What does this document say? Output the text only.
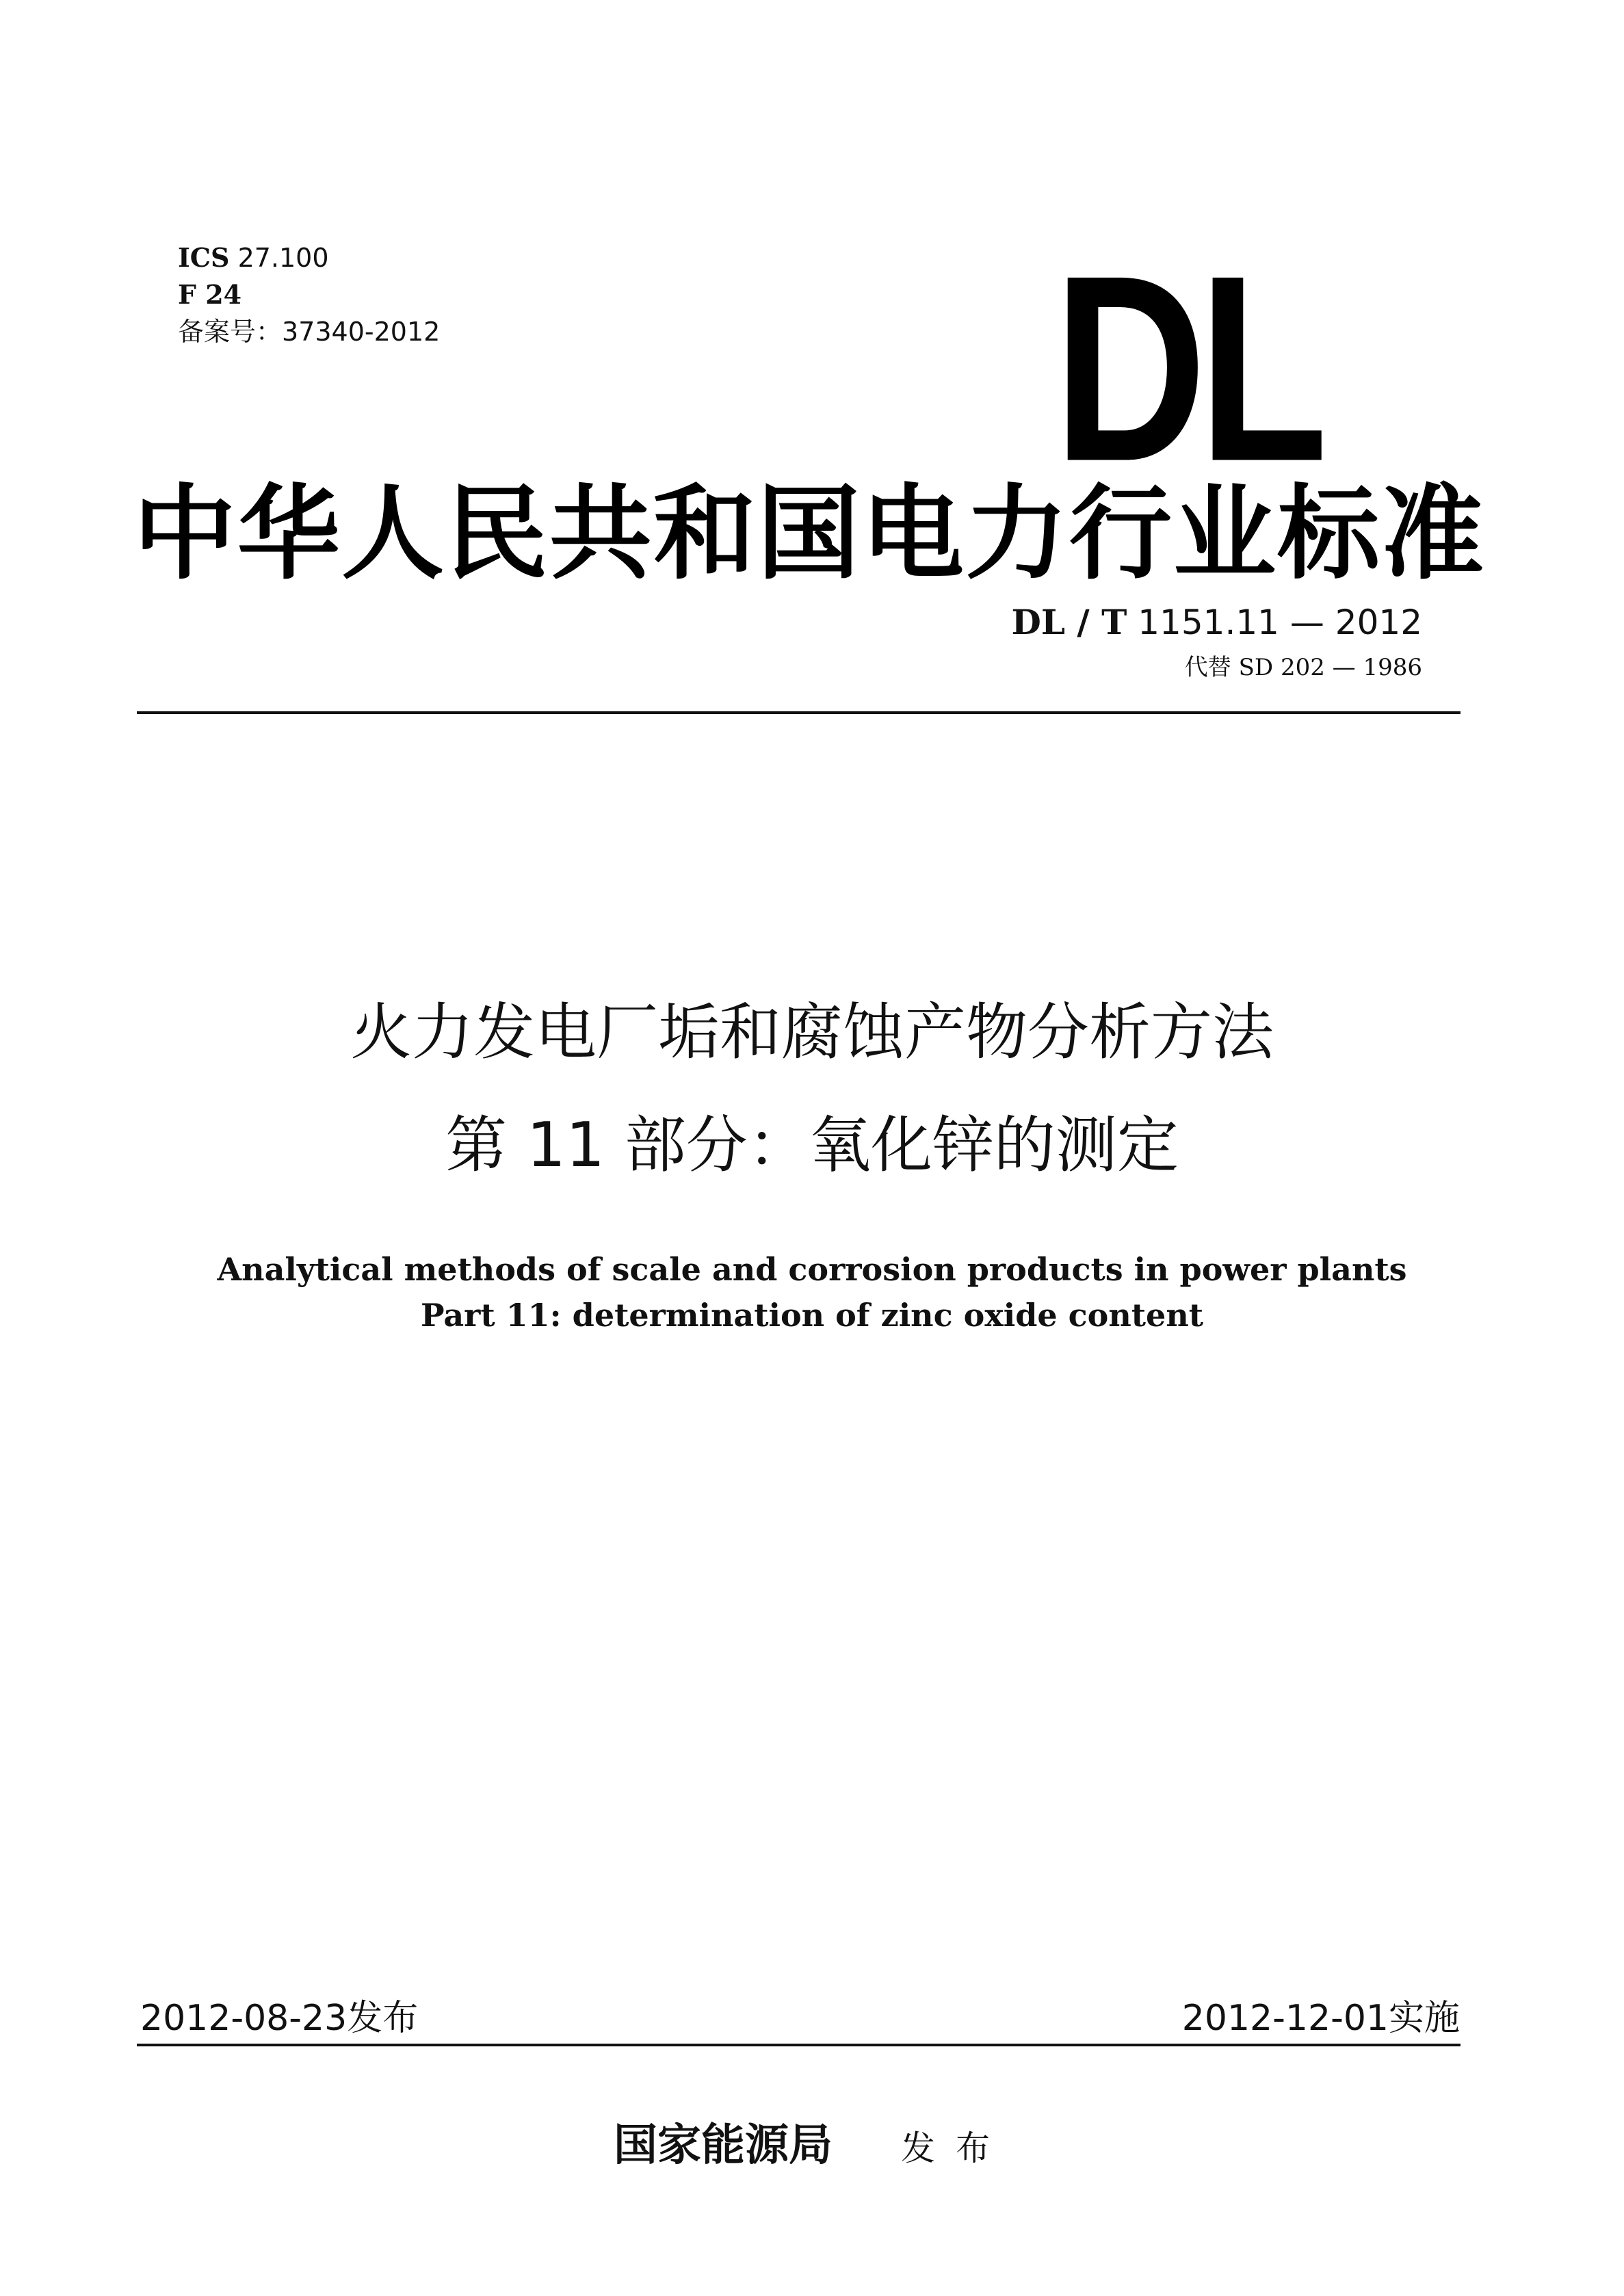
ICS 27.100
F 24
备案号：37340-2012	DL
中华人民共和国电力行业标准
DL / T 1151.11 — 2012
代替 SD 202 — 1986
火力发电厂垢和腐蚀产物分析方法
第 11 部分：氧化锌的测定
Analytical methods of scale and corrosion products in power plants
Part 11: determination of zinc oxide content
2012-08-23发布	2012-12-01实施
国家能源局 发布
